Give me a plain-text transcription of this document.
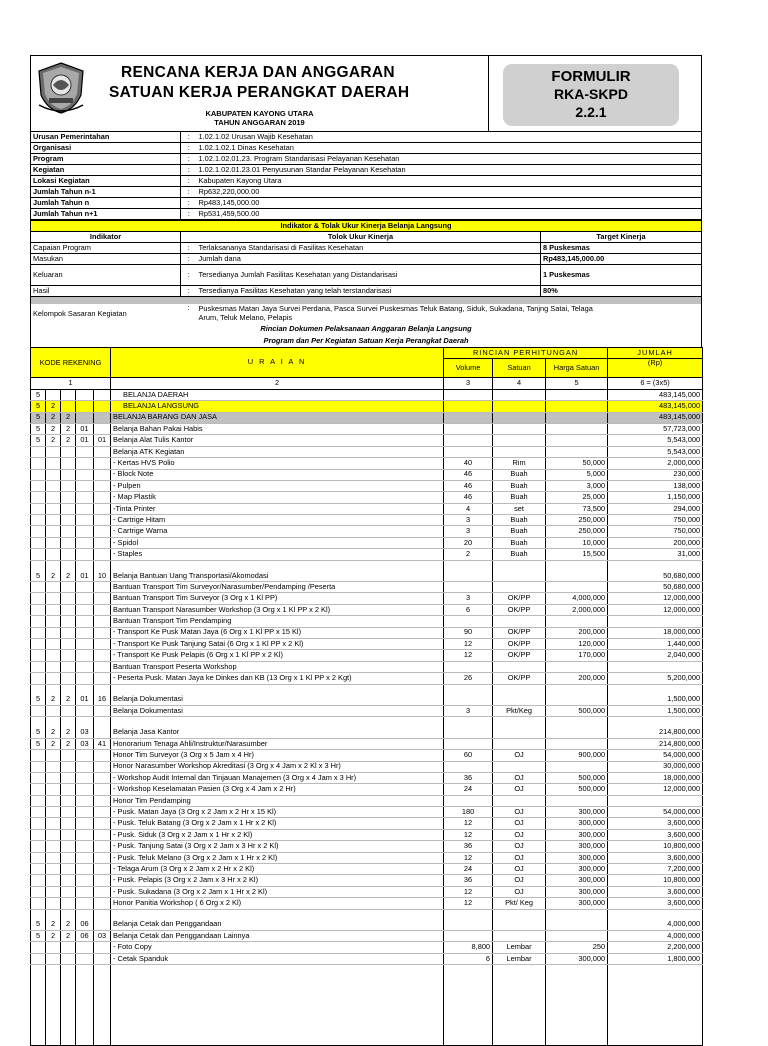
RENCANA KERJA DAN ANGGARAN
SATUAN KERJA PERANGKAT DAERAH
KABUPATEN KAYONG UTARA
TAHUN ANGGARAN 2019
FORMULIR
RKA-SKPD
2.2.1
Urusan Pemerintahan	:	1.02.1.02 Urusan Wajib Kesehatan
Organisasi	:	1.02.1.02.1 Dinas Kesehatan
Program	:	1.02.1.02.01.23. Program Standarisasi Pelayanan Kesehatan
Kegiatan	:	1.02.1.02.01.23.01 Penyusunan Standar Pelayanan Kesehatan
Lokasi Kegiatan	:	Kabupaten Kayong Utara
Jumlah Tahun n-1	:	Rp632,220,000.00
Jumlah Tahun n	:	Rp483,145,000.00
Jumlah Tahun n+1	:	Rp531,459,500.00
Indikator & Tolak Ukur Kinerja Belanja Langsung			
Indikator	Tolok Ukur Kinerja		Target Kinerja
Capaian Program	:	Terlaksananya Standarisasi di Fasilitas Kesehatan	8 Puskesmas
Masukan	:	Jumlah dana	Rp483,145,000.00
Keluaran	:	Tersedianya Jumlah Fasilitas Kesehatan yang Distandarisasi	1 Puskesmas
Hasil	:	Tersedianya Fasilitas Kesehatan yang telah terstandarisasi	80%

Kelompok Sasaran Kegiatan	:	Puskesmas Matan Jaya Survei Perdana, Pasca Survei Puskesmas Teluk Batang, Siduk, Sukadana, Tanjng Satai, Telaga
Arum, Teluk Melano, Pelapis

Rincian Dokumen Pelaksanaan Anggaran Belanja Langsung
Program dan Per Kegiatan Satuan Kerja Perangkat Daerah
KODE REKENING					U R A I A N	RINCIAN PERHITUNGAN			JUMLAH
						Volume	Satuan	Harga Satuan	(Rp)
1					2	3	4	5	6 = (3x5)
5					BELANJA DAERAH				483,145,000
5	2				BELANJA LANGSUNG				483,145,000
5	2	2			BELANJA BARANG DAN JASA				483,145,000
5	2	2	01		Belanja Bahan Pakai Habis				57,723,000
5	2	2	01	01	Belanja Alat Tulis Kantor				5,543,000
					Belanja ATK Kegiatan				5,543,000
					- Kertas HVS Polio	40	Rim	50,000	2,000,000
					- Block Note	46	Buah	5,000	230,000
					- Pulpen	46	Buah	3,000	138,000
					- Map Plastik	46	Buah	25,000	1,150,000
					-Tinta Printer	4	set	73,500	294,000
					- Cartrige Hitam	3	Buah	250,000	750,000
					- Cartrige Warna	3	Buah	250,000	750,000
					- Spidol	20	Buah	10,000	200,000
					- Staples	2	Buah	15,500	31,000

5	2	2	01	10	Belanja Bantuan Uang Transportasi/Akomodasi				50,680,000
					Bantuan Transport Tim Surveyor/Narasumber/Pendamping /Peserta				50,680,000
					Bantuan Transport Tim Surveyor (3 Org x 1 Kl PP)	3	OK/PP	4,000,000	12,000,000
					Bantuan Transport Narasumber Workshop (3 Org x 1 Kl PP x 2 Kl)	6	OK/PP	2,000,000	12,000,000
					Bantuan Transport Tim Pendamping				
					- Transport Ke Pusk Matan Jaya (6 Org x 1 Kl PP x 15 Kl)	90	OK/PP	200,000	18,000,000
					- Transport Ke Pusk Tanjung Satai (6 Org x 1 Kl PP x 2 Kl)	12	OK/PP	120,000	1,440,000
					- Transport Ke Pusk Pelapis (6 Org x 1 Kl PP x 2 Kl)	12	OK/PP	170,000	2,040,000
					Bantuan Transport Peserta Workshop				
					- Peserta Pusk. Matan Jaya ke Dinkes dan KB (13 Org x 1 Kl PP x 2 Kgt)	26	OK/PP	200,000	5,200,000

5	2	2	01	16	Belanja Dokumentasi				1,500,000
					Belanja Dokumentasi	3	Pkt/Keg	500,000	1,500,000

5	2	2	03		Belanja Jasa Kantor				214,800,000
5	2	2	03	41	Honorarium Tenaga Ahli/Instruktur/Narasumber				214,800,000
					Honor Tim Surveyor (3 Org x 5 Jam x 4 Hr)	60	OJ	900,000	54,000,000
					Honor Narasumber Workshop Akreditasi (3 Org x 4 Jam x 2 Kl x 3 Hr)				30,000,000
					- Workshop Audit Internal dan Tinjauan Manajemen (3 Org x 4 Jam x 3 Hr)	36	OJ	500,000	18,000,000
					- Workshop Keselamatan Pasien (3 Org x 4 Jam x 2 Hr)	24	OJ	500,000	12,000,000
					Honor Tim Pendamping				
					- Pusk. Matan Jaya (3 Org x 2 Jam x 2 Hr x 15 Kl)	180	OJ	300,000	54,000,000
					- Pusk. Teluk Batang (3 Org x 2 Jam x 1 Hr x 2 Kl)	12	OJ	300,000	3,600,000
					- Pusk. Siduk (3 Org x 2 Jam x 1 Hr x 2 Kl)	12	OJ	300,000	3,600,000
					- Pusk. Tanjung Satai (3 Org x 2 Jam x 3 Hr x 2 Kl)	36	OJ	300,000	10,800,000
					- Pusk. Teluk Melano (3 Org x 2 Jam x 1 Hr x 2 Kl)	12	OJ	300,000	3,600,000
					- Telaga Arum (3 Org x 2 Jam x 2 Hr x 2 Kl)	24	OJ	300,000	7,200,000
					- Pusk. Pelapis (3 Org x 2 Jam x 3 Hr x 2 Kl)	36	OJ	300,000	10,800,000
					- Pusk. Sukadana (3 Org x 2 Jam x 1 Hr x 2 Kl)	12	OJ	300,000	3,600,000
					Honor Panitia Workshop ( 6 Org x 2 Kl)	12	Pkt/ Keg	300,000	3,600,000

5	2	2	06		Belanja Cetak dan Penggandaan				4,000,000
5	2	2	06	03	Belanja Cetak dan Penggandaan Lainnya				4,000,000
					- Foto Copy	8,800	Lembar	250	2,200,000
					- Cetak Spanduk	6	Lembar	300,000	1,800,000
